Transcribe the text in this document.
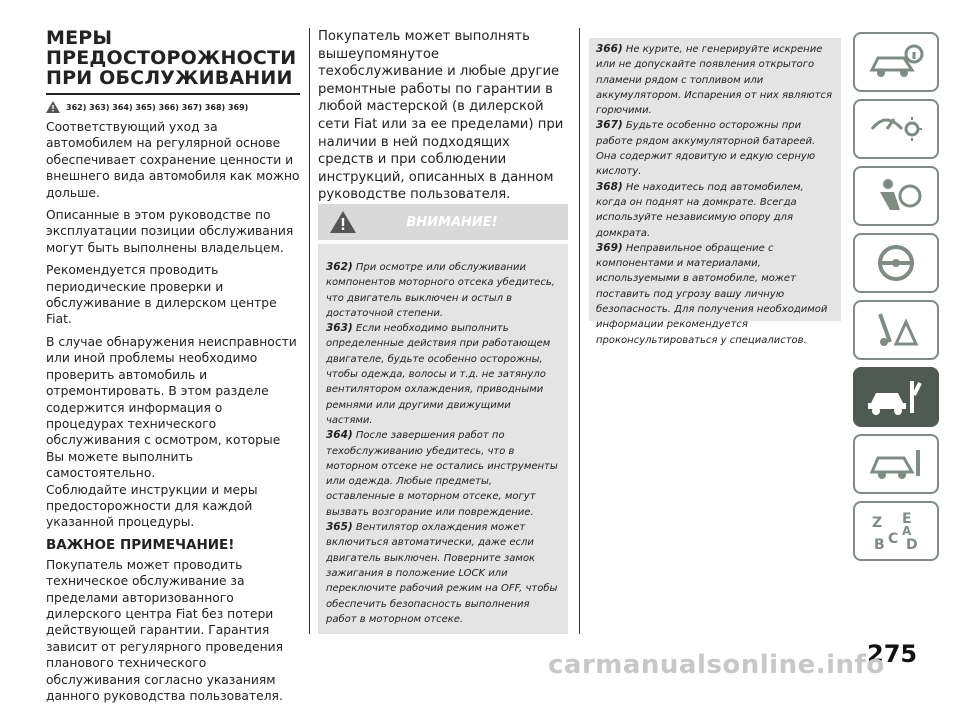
МЕРЫ
ПРЕДОСТОРОЖНОСТИ
ПРИ ОБСЛУЖИВАНИИ
362) 363) 364) 365) 366) 367) 368) 369)

Соответствующий уход за автомобилем на регулярной основе обеспечивает сохранение ценности и внешнего вида автомобиля как можно дольше.

Описанные в этом руководстве по эксплуатации позиции обслуживания могут быть выполнены владельцем.

Рекомендуется проводить периодические проверки и обслуживание в дилерском центре Fiat.

В случае обнаружения неисправности или иной проблемы необходимо проверить автомобиль и отремонтировать. В этом разделе содержится информация о процедурах технического обслуживания с осмотром, которые Вы можете выполнить самостоятельно.

Соблюдайте инструкции и меры предосторожности для каждой указанной процедуры.

ВАЖНОЕ ПРИМЕЧАНИЕ!

Покупатель может проводить техническое обслуживание за пределами авторизованного дилерского центра Fiat без потери действующей гарантии. Гарантия зависит от регулярного проведения планового технического обслуживания согласно указаниям данного руководства пользователя.

Покупатель может выполнять вышеупомянутое техобслуживание и любые другие ремонтные работы по гарантии в любой мастерской (в дилерской сети Fiat или за ее пределами) при наличии в ней подходящих средств и при соблюдении инструкций, описанных в данном руководстве пользователя.

ВНИМАНИЕ!
362) При осмотре или обслуживании компонентов моторного отсека убедитесь, что двигатель выключен и остыл в достаточной степени.
363) Если необходимо выполнить определенные действия при работающем двигателе, будьте особенно осторожны, чтобы одежда, волосы и т.д. не затянуло вентилятором охлаждения, приводными ремнями или другими движущими частями.
364) После завершения работ по техобслуживанию убедитесь, что в моторном отсеке не остались инструменты или одежда. Любые предметы, оставленные в моторном отсеке, могут вызвать возгорание или повреждение.
365) Вентилятор охлаждения может включиться автоматически, даже если двигатель выключен. Поверните замок зажигания в положение LOCK или переключите рабочий режим на OFF, чтобы обеспечить безопасность выполнения работ в моторном отсеке.
366) Не курите, не генерируйте искрение или не допускайте появления открытого пламени рядом с топливом или аккумулятором. Испарения от них являются горючими.
367) Будьте особенно осторожны при работе рядом аккумуляторной батареей. Она содержит ядовитую и едкую серную кислоту.
368) Не находитесь под автомобилем, когда он поднят на домкрате. Всегда используйте независимую опору для домкрата.
369) Неправильное обращение с компонентами и материалами, используемыми в автомобиле, может поставить под угрозу вашу личную безопасность. Для получения необходимой информации рекомендуется проконсультироваться у специалистов.
Z E
B C D
A
275
carmanualsonline.info
